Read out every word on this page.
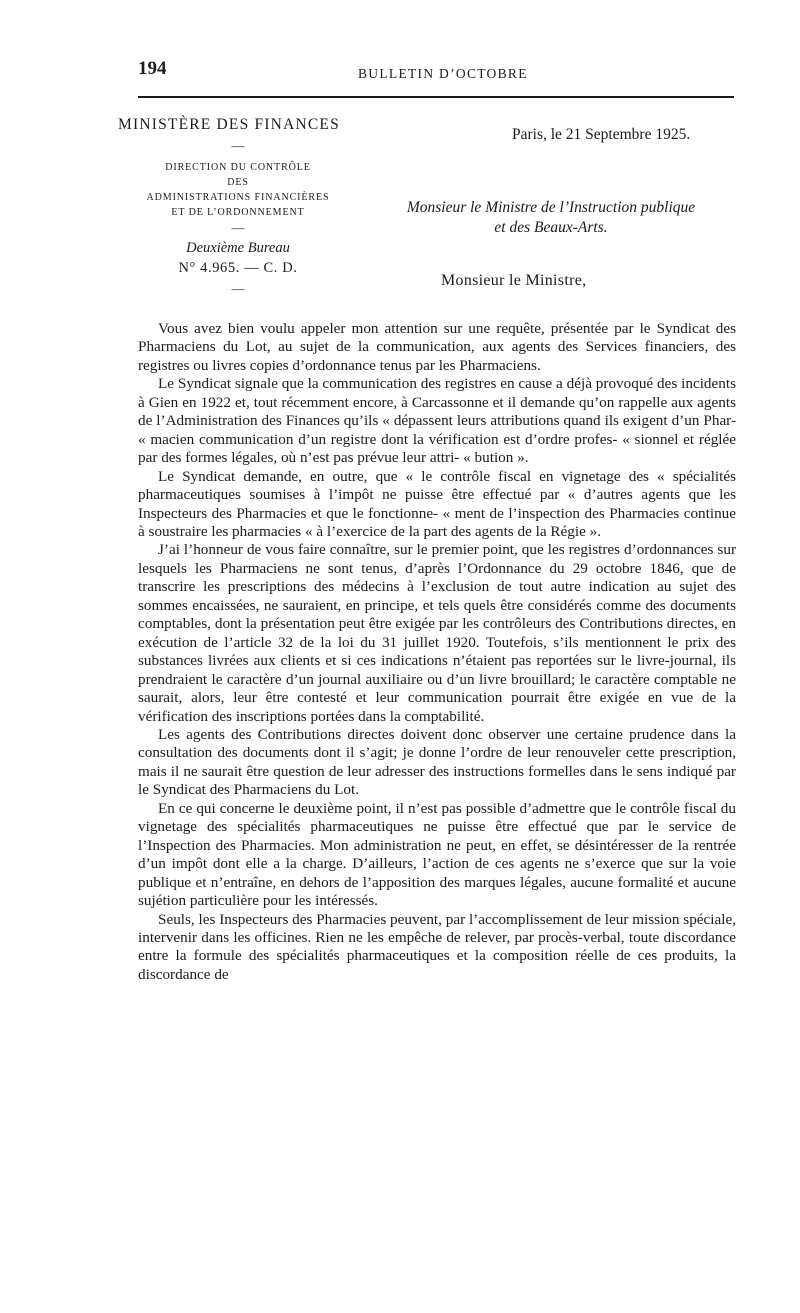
194	BULLETIN D’OCTOBRE
MINISTÈRE DES FINANCES
—
DIRECTION DU CONTRÔLE
DES
ADMINISTRATIONS FINANCIÈRES
ET DE L’ORDONNEMENT
—
Deuxième Bureau
N° 4.965. — C. D.
—
Paris, le 21 Septembre 1925.
Monsieur le Ministre de l’Instruction publique
et des Beaux-Arts.
Monsieur le Ministre,

Vous avez bien voulu appeler mon attention sur une requête, présentée par le Syndicat des Pharmaciens du Lot, au sujet de la communication, aux agents des Services financiers, des registres ou livres copies d’ordonnance tenus par les Pharmaciens.

Le Syndicat signale que la communication des registres en cause a déjà provoqué des incidents à Gien en 1922 et, tout récemment encore, à Carcassonne et il demande qu’on rappelle aux agents de l’Administration des Finances qu’ils « dépassent leurs attributions quand ils exigent d’un Phar- « macien communication d’un registre dont la vérification est d’ordre profes- « sionnel et réglée par des formes légales, où n’est pas prévue leur attri- « bution ».

Le Syndicat demande, en outre, que « le contrôle fiscal en vignetage des « spécialités pharmaceutiques soumises à l’impôt ne puisse être effectué par « d’autres agents que les Inspecteurs des Pharmacies et que le fonctionne- « ment de l’inspection des Pharmacies continue à soustraire les pharmacies « à l’exercice de la part des agents de la Régie ».

J’ai l’honneur de vous faire connaître, sur le premier point, que les registres d’ordonnances sur lesquels les Pharmaciens ne sont tenus, d’après l’Ordonnance du 29 octobre 1846, que de transcrire les prescriptions des médecins à l’exclusion de tout autre indication au sujet des sommes encaissées, ne sauraient, en principe, et tels quels être considérés comme des documents comptables, dont la présentation peut être exigée par les contrôleurs des Contributions directes, en exécution de l’article 32 de la loi du 31 juillet 1920. Toutefois, s’ils mentionnent le prix des substances livrées aux clients et si ces indications n’étaient pas reportées sur le livre-journal, ils prendraient le caractère d’un journal auxiliaire ou d’un livre brouillard; le caractère comptable ne saurait, alors, leur être contesté et leur communication pourrait être exigée en vue de la vérification des inscriptions portées dans la comptabilité.

Les agents des Contributions directes doivent donc observer une certaine prudence dans la consultation des documents dont il s’agit; je donne l’ordre de leur renouveler cette prescription, mais il ne saurait être question de leur adresser des instructions formelles dans le sens indiqué par le Syndicat des Pharmaciens du Lot.

En ce qui concerne le deuxième point, il n’est pas possible d’admettre que le contrôle fiscal du vignetage des spécialités pharmaceutiques ne puisse être effectué que par le service de l’Inspection des Pharmacies. Mon administration ne peut, en effet, se désintéresser de la rentrée d’un impôt dont elle a la charge. D’ailleurs, l’action de ces agents ne s’exerce que sur la voie publique et n’entraîne, en dehors de l’apposition des marques légales, aucune formalité et aucune sujétion particulière pour les intéressés.

Seuls, les Inspecteurs des Pharmacies peuvent, par l’accomplissement de leur mission spéciale, intervenir dans les officines. Rien ne les empêche de relever, par procès-verbal, toute discordance entre la formule des spécialités pharmaceutiques et la composition réelle de ces produits, la discordance de
